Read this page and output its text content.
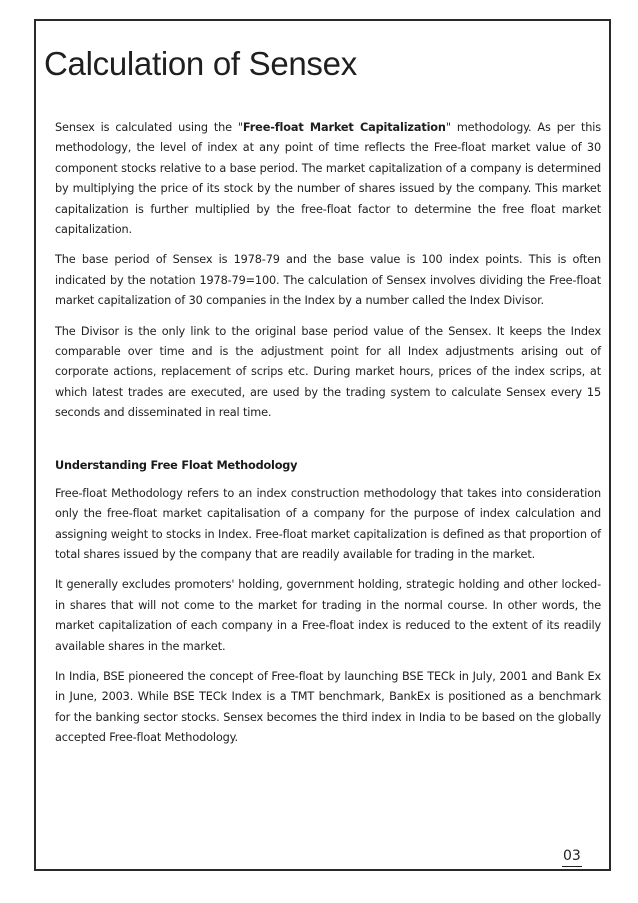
Calculation of Sensex

Sensex is calculated using the "Free-float Market Capitalization" methodology. As per this methodology, the level of index at any point of time reflects the Free-float market value of 30 component stocks relative to a base period. The market capitalization of a company is determined by multiplying the price of its stock by the number of shares issued by the company. This market capitalization is further multiplied by the free-float factor to determine the free float market capitalization.

The base period of Sensex is 1978-79 and the base value is 100 index points. This is often indicated by the notation 1978-79=100. The calculation of Sensex involves dividing the Free-float market capitalization of 30 companies in the Index by a number called the Index Divisor.

The Divisor is the only link to the original base period value of the Sensex. It keeps the Index comparable over time and is the adjustment point for all Index adjustments arising out of corporate actions, replacement of scrips etc. During market hours, prices of the index scrips, at which latest trades are executed, are used by the trading system to calculate Sensex every 15 seconds and disseminated in real time.

Understanding Free Float Methodology

Free-float Methodology refers to an index construction methodology that takes into consideration only the free-float market capitalisation of a company for the purpose of index calculation and assigning weight to stocks in Index. Free-float market capitalization is defined as that proportion of total shares issued by the company that are readily available for trading in the market.

It generally excludes promoters' holding, government holding, strategic holding and other locked-in shares that will not come to the market for trading in the normal course. In other words, the market capitalization of each company in a Free-float index is reduced to the extent of its readily available shares in the market.

In India, BSE pioneered the concept of Free-float by launching BSE TECk in July, 2001 and Bank Ex in June, 2003. While BSE TECk Index is a TMT benchmark, BankEx is positioned as a benchmark for the banking sector stocks. Sensex becomes the third index in India to be based on the globally accepted Free-float Methodology.

03
